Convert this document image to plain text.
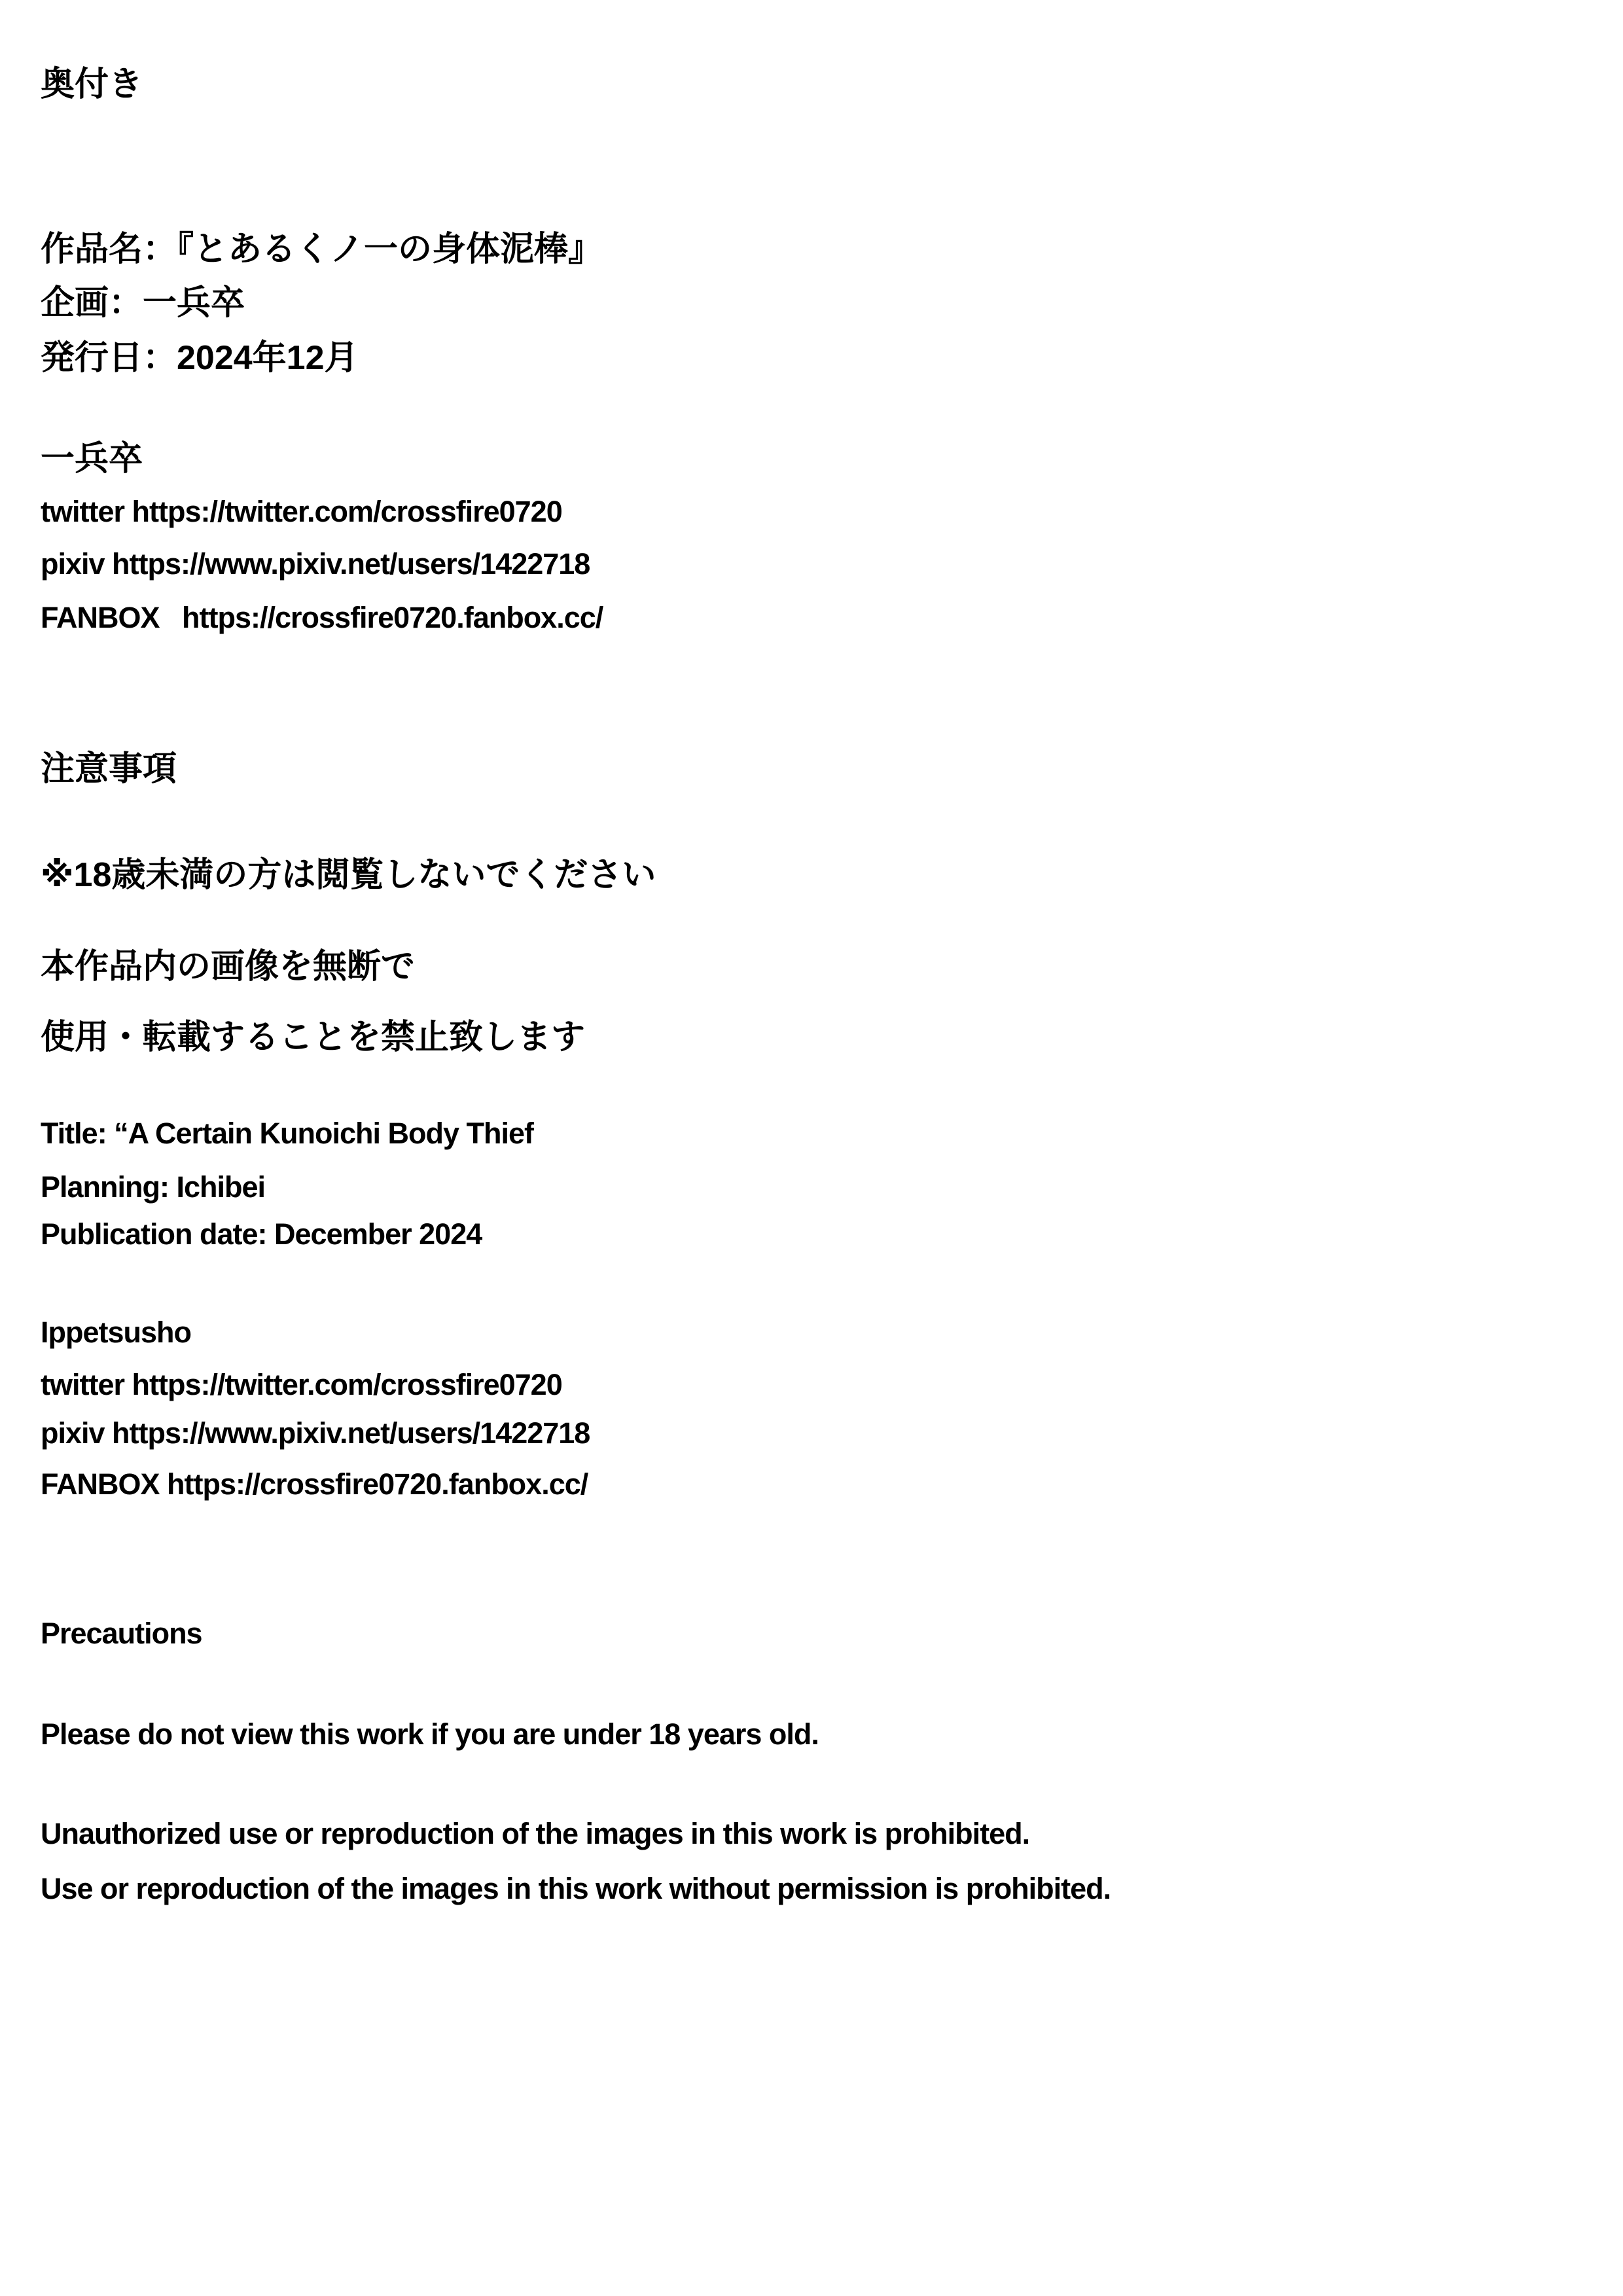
奥付き
作品名：『とあるくノ一の身体泥棒』
企画：一兵卒
発行日：2024年12月
一兵卒
twitter https://twitter.com/crossfire0720
pixiv https://www.pixiv.net/users/1422718
FANBOX   https://crossfire0720.fanbox.cc/
注意事項
※18歳未満の方は閲覧しないでください
本作品内の画像を無断で
使用・転載することを禁止致します
Title: “A Certain Kunoichi Body Thief
Planning: Ichibei
Publication date: December 2024
Ippetsusho
twitter https://twitter.com/crossfire0720
pixiv https://www.pixiv.net/users/1422718
FANBOX https://crossfire0720.fanbox.cc/
Precautions
Please do not view this work if you are under 18 years old.
Unauthorized use or reproduction of the images in this work is prohibited.
Use or reproduction of the images in this work without permission is prohibited.
